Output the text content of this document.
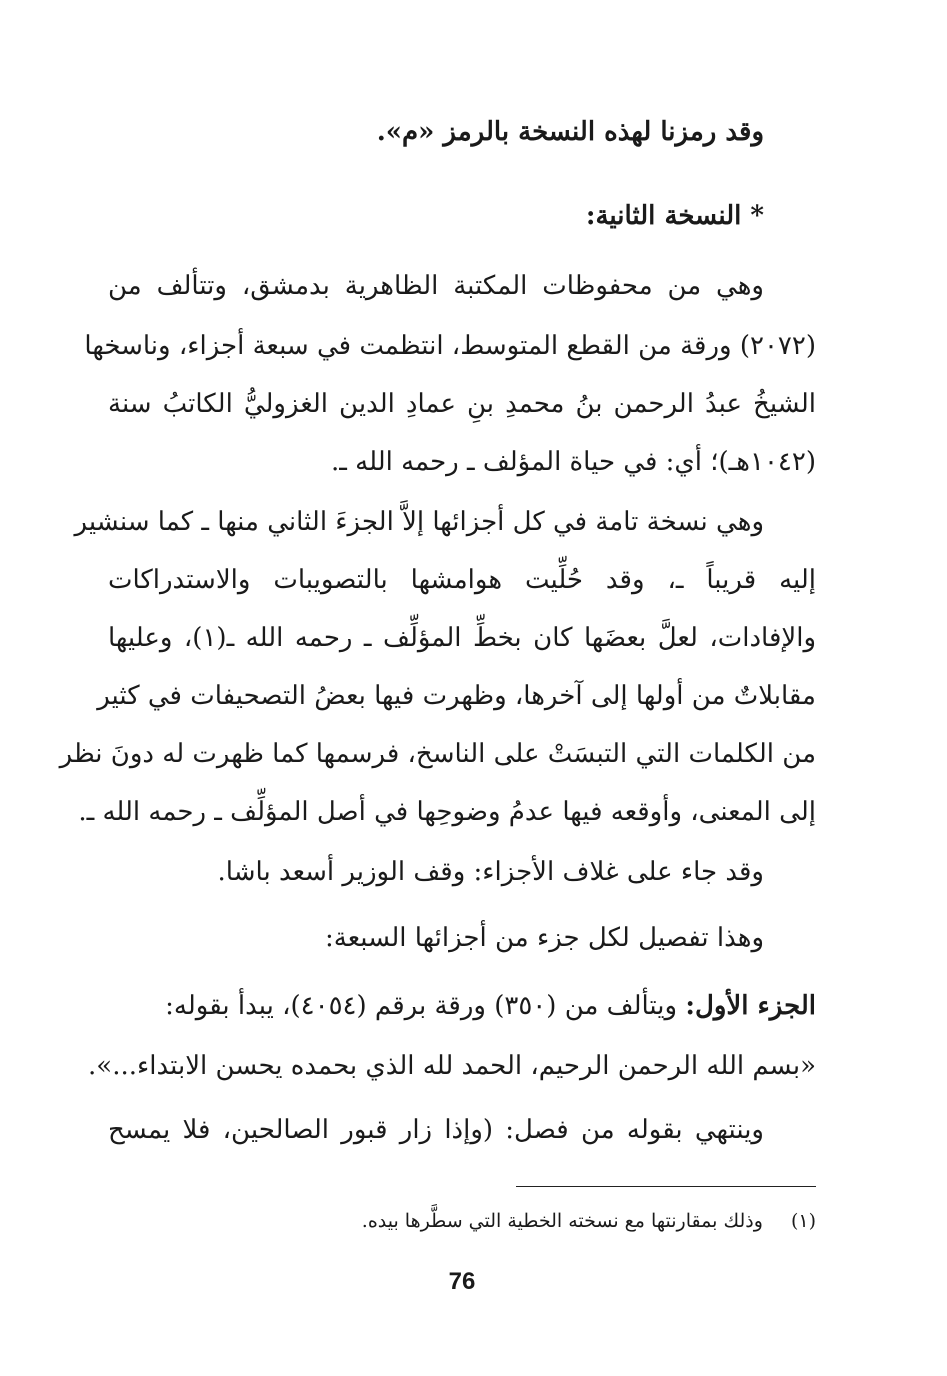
وقد رمزنا لهذه النسخة بالرمز «م».
* النسخة الثانية:
وهي من محفوظات المكتبة الظاهرية بدمشق، وتتألف من
(٢٠٧٢) ورقة من القطع المتوسط، انتظمت في سبعة أجزاء، وناسخها
الشيخُ عبدُ الرحمن بنُ محمدِ بنِ عمادِ الدين الغزوليُّ الكاتبُ سنة
(١٠٤٢هـ)؛ أي: في حياة المؤلف ـ رحمه الله ـ.
وهي نسخة تامة في كل أجزائها إلاَّ الجزءَ الثاني منها ـ كما سنشير
إليه قريباً ـ، وقد حُلِّيت هوامشها بالتصويبات والاستدراكات
والإفادات، لعلَّ بعضَها كان بخطِّ المؤلِّف ـ رحمه الله ـ(١)، وعليها
مقابلاتٌ من أولها إلى آخرها، وظهرت فيها بعضُ التصحيفات في كثير
من الكلمات التي التبسَتْ على الناسخ، فرسمها كما ظهرت له دونَ نظر
إلى المعنى، وأوقعه فيها عدمُ وضوحِها في أصل المؤلِّف ـ رحمه الله ـ.
وقد جاء على غلاف الأجزاء: وقف الوزير أسعد باشا.
وهذا تفصيل لكل جزء من أجزائها السبعة:
الجزء الأول: ويتألف من (٣٥٠) ورقة برقم (٤٠٥٤)، يبدأ بقوله:
«بسم الله الرحمن الرحيم، الحمد لله الذي بحمده يحسن الابتداء...».
وينتهي بقوله من فصل: (وإذا زار قبور الصالحين، فلا يمسح
(١) وذلك بمقارنتها مع نسخته الخطية التي سطَّرها بيده.
76
